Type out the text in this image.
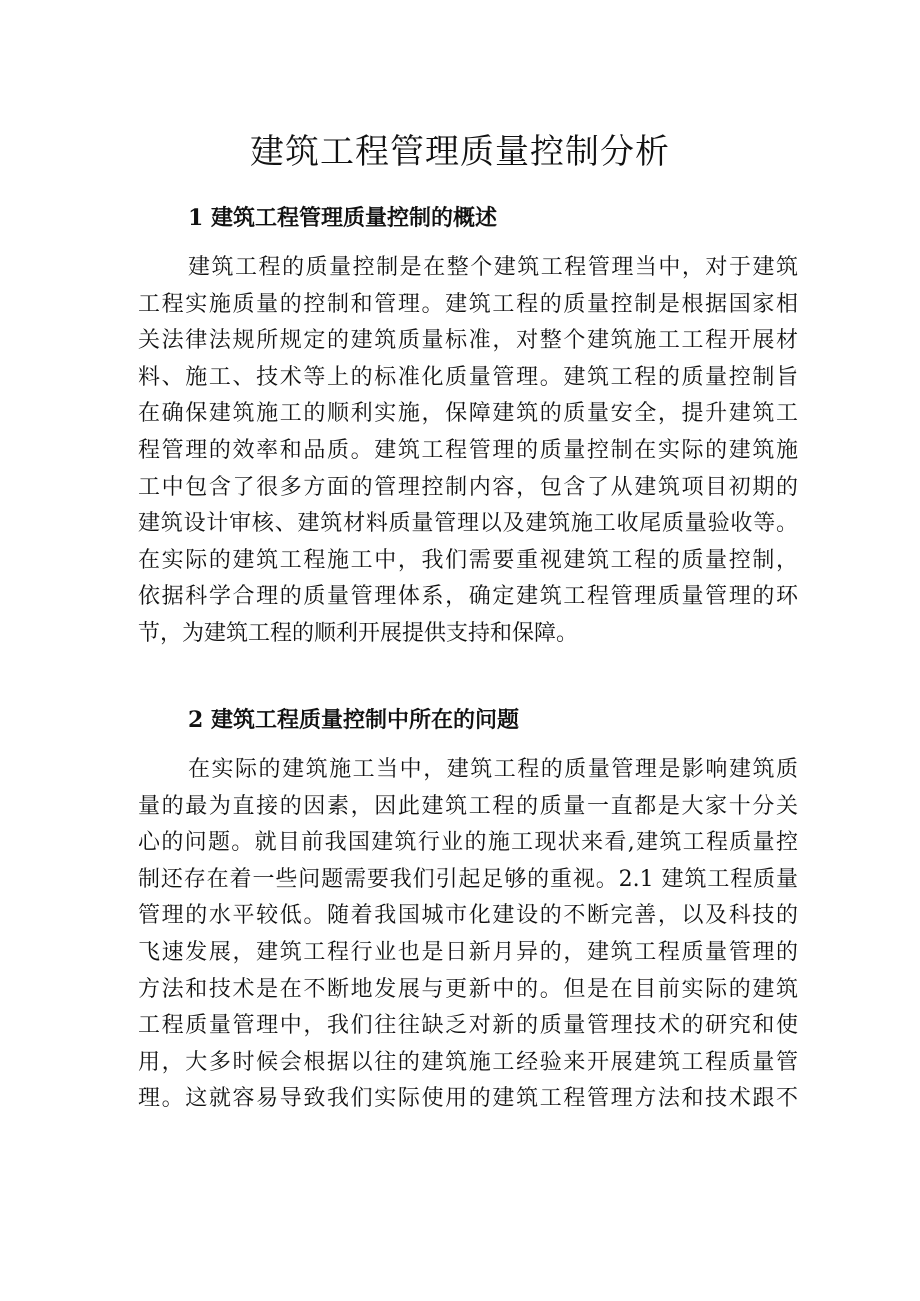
建筑工程管理质量控制分析
1 建筑工程管理质量控制的概述
建筑工程的质量控制是在整个建筑工程管理当中，对于建筑
工程实施质量的控制和管理。建筑工程的质量控制是根据国家相
关法律法规所规定的建筑质量标准，对整个建筑施工工程开展材
料、施工、技术等上的标准化质量管理。建筑工程的质量控制旨
在确保建筑施工的顺利实施，保障建筑的质量安全，提升建筑工
程管理的效率和品质。建筑工程管理的质量控制在实际的建筑施
工中包含了很多方面的管理控制内容，包含了从建筑项目初期的
建筑设计审核、建筑材料质量管理以及建筑施工收尾质量验收等。
在实际的建筑工程施工中，我们需要重视建筑工程的质量控制，
依据科学合理的质量管理体系，确定建筑工程管理质量管理的环
节，为建筑工程的顺利开展提供支持和保障。
2 建筑工程质量控制中所在的问题
在实际的建筑施工当中，建筑工程的质量管理是影响建筑质
量的最为直接的因素，因此建筑工程的质量一直都是大家十分关
心的问题。就目前我国建筑行业的施工现状来看,建筑工程质量控
制还存在着一些问题需要我们引起足够的重视。2.1 建筑工程质量
管理的水平较低。随着我国城市化建设的不断完善，以及科技的
飞速发展，建筑工程行业也是日新月异的，建筑工程质量管理的
方法和技术是在不断地发展与更新中的。但是在目前实际的建筑
工程质量管理中，我们往往缺乏对新的质量管理技术的研究和使
用，大多时候会根据以往的建筑施工经验来开展建筑工程质量管
理。这就容易导致我们实际使用的建筑工程管理方法和技术跟不
